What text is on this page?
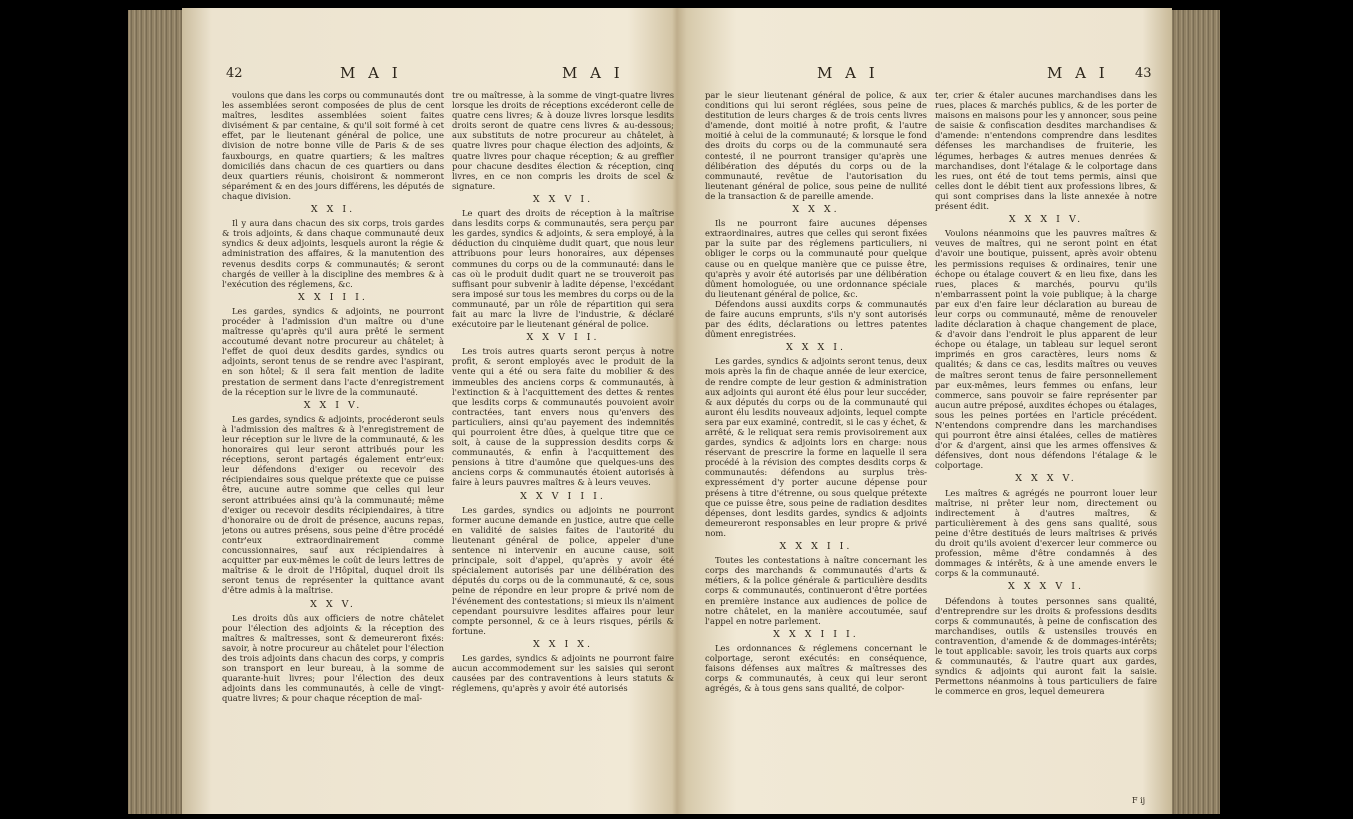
42	M A I	M A I

voulons que dans les corps ou communautés dont les assemblées seront composées de plus de cent maîtres, lesdites assemblées soient faites divisément & par centaine, & qu'il soit formé à cet effet, par le lieutenant général de police, une division de notre bonne ville de Paris & de ses fauxbourgs, en quatre quartiers; & les maîtres domiciliés dans chacun de ces quartiers ou dans deux quartiers réunis, choisiront & nommeront séparément & en des jours différens, les députés de chaque division.

X X I.

Il y aura dans chacun des six corps, trois gardes & trois adjoints, & dans chaque communauté deux syndics & deux adjoints, lesquels auront la régie & administration des affaires, & la manutention des revenus desdits corps & communautés; & seront chargés de veiller à la discipline des membres & à l'exécution des réglemens, &c.

X X I I I.

Les gardes, syndics & adjoints, ne pourront procéder à l'admission d'un maître ou d'une maîtresse qu'après qu'il aura prêté le serment accoutumé devant notre procureur au châtelet; à l'effet de quoi deux desdits gardes, syndics ou adjoints, seront tenus de se rendre avec l'aspirant, en son hôtel; & il sera fait mention de ladite prestation de serment dans l'acte d'enregistrement de la réception sur le livre de la communauté.

X X I V.

Les gardes, syndics & adjoints, procéderont seuls à l'admission des maîtres & à l'enregistrement de leur réception sur le livre de la communauté, & les honoraires qui leur seront attribués pour les réceptions, seront partagés également entr'eux: leur défendons d'exiger ou recevoir des récipiendaires sous quelque prétexte que ce puisse être, aucune autre somme que celles qui leur seront attribuées ainsi qu'à la communauté; même d'exiger ou recevoir desdits récipiendaires, à titre d'honoraire ou de droit de présence, aucuns repas, jetons ou autres présens, sous peine d'être procédé contr'eux extraordinairement comme concussionnaires, sauf aux récipiendaires à acquitter par eux-mêmes le coût de leurs lettres de maîtrise & le droit de l'Hôpital, duquel droit ils seront tenus de représenter la quittance avant d'être admis à la maîtrise.

X X V.

Les droits dûs aux officiers de notre châtelet pour l'élection des adjoints & la réception des maîtres & maîtresses, sont & demeureront fixés: savoir, à notre procureur au châtelet pour l'élection des trois adjoints dans chacun des corps, y compris son transport en leur bureau, à la somme de quarante-huit livres; pour l'élection des deux adjoints dans les communautés, à celle de vingt-quatre livres; & pour chaque réception de maî-

tre ou maîtresse, à la somme de vingt-quatre livres lorsque les droits de réceptions excéderont celle de quatre cens livres; & à douze livres lorsque lesdits droits seront de quatre cens livres & au-dessous; aux substituts de notre procureur au châtelet, à quatre livres pour chaque élection des adjoints, & quatre livres pour chaque réception; & au greffier pour chacune desdites élection & réception, cinq livres, en ce non compris les droits de scel & signature.

X X V I.

Le quart des droits de réception à la maîtrise dans lesdits corps & communautés, sera perçu par les gardes, syndics & adjoints, & sera employé, à la déduction du cinquième dudit quart, que nous leur attribuons pour leurs honoraires, aux dépenses communes du corps ou de la communauté: dans le cas où le produit dudit quart ne se trouveroit pas suffisant pour subvenir à ladite dépense, l'excédant sera imposé sur tous les membres du corps ou de la communauté, par un rôle de répartition qui sera fait au marc la livre de l'industrie, & déclaré exécutoire par le lieutenant général de police.

X X V I I.

Les trois autres quarts seront perçus à notre profit, & seront employés avec le produit de la vente qui a été ou sera faite du mobilier & des immeubles des anciens corps & communautés, à l'extinction & à l'acquittement des dettes & rentes que lesdits corps & communautés pouvoient avoir contractées, tant envers nous qu'envers des particuliers, ainsi qu'au payement des indemnités qui pourroient être dûes, à quelque titre que ce soit, à cause de la suppression desdits corps & communautés, & enfin à l'acquittement des pensions à titre d'aumône que quelques-uns des anciens corps & communautés étoient autorisés à faire à leurs pauvres maîtres & à leurs veuves.

X X V I I I.

Les gardes, syndics ou adjoints ne pourront former aucune demande en justice, autre que celle en validité de saisies faites de l'autorité du lieutenant général de police, appeler d'une sentence ni intervenir en aucune cause, soit principale, soit d'appel, qu'après y avoir été spécialement autorisés par une délibération des députés du corps ou de la communauté, & ce, sous peine de répondre en leur propre & privé nom de l'événement des contestations; si mieux ils n'aiment cependant poursuivre lesdites affaires pour leur compte personnel, & ce à leurs risques, périls & fortune.

X X I X.

Les gardes, syndics & adjoints ne pourront faire aucun accommodement sur les saisies qui seront causées par des contraventions à leurs statuts & réglemens, qu'après y avoir été autorisés

M A I	M A I 43

par le sieur lieutenant général de police, & aux conditions qui lui seront réglées, sous peine de destitution de leurs charges & de trois cents livres d'amende, dont moitié à notre profit, & l'autre moitié à celui de la communauté; & lorsque le fond des droits du corps ou de la communauté sera contesté, il ne pourront transiger qu'après une délibération des députés du corps ou de la communauté, revêtue de l'autorisation du lieutenant général de police, sous peine de nullité de la transaction & de pareille amende.

X X X.

Ils ne pourront faire aucunes dépenses extraordinaires, autres que celles qui seront fixées par la suite par des réglemens particuliers, ni obliger le corps ou la communauté pour quelque cause ou en quelque manière que ce puisse être, qu'après y avoir été autorisés par une délibération dûment homologuée, ou une ordonnance spéciale du lieutenant général de police, &c.

Défendons aussi auxdits corps & communautés de faire aucuns emprunts, s'ils n'y sont autorisés par des édits, déclarations ou lettres patentes dûment enregistrées.

X X X I.

Les gardes, syndics & adjoints seront tenus, deux mois après la fin de chaque année de leur exercice, de rendre compte de leur gestion & administration aux adjoints qui auront été élus pour leur succéder, & aux députés du corps ou de la communauté qui auront élu lesdits nouveaux adjoints, lequel compte sera par eux examiné, contredit, si le cas y échet, & arrêté, & le reliquat sera remis provisoirement aux gardes, syndics & adjoints lors en charge: nous réservant de prescrire la forme en laquelle il sera procédé à la révision des comptes desdits corps & communautés: défendons au surplus très-expressément d'y porter aucune dépense pour présens à titre d'étrenne, ou sous quelque prétexte que ce puisse être, sous peine de radiation desdites dépenses, dont lesdits gardes, syndics & adjoints demeureront responsables en leur propre & privé nom.

X X X I I.

Toutes les contestations à naître concernant les corps des marchands & communautés d'arts & métiers, & la police générale & particulière desdits corps & communautés, continueront d'être portées en première instance aux audiences de police de notre châtelet, en la manière accoutumée, sauf l'appel en notre parlement.

X X X I I I.

Les ordonnances & réglemens concernant le colportage, seront exécutés: en conséquence, faisons défenses aux maîtres & maîtresses des corps & communautés, à ceux qui leur seront agrégés, & à tous gens sans qualité, de colpor-

ter, crier & étaler aucunes marchandises dans les rues, places & marchés publics, & de les porter de maisons en maisons pour les y annoncer, sous peine de saisie & confiscation desdites marchandises & d'amende: n'entendons comprendre dans lesdites défenses les marchandises de fruiterie, les légumes, herbages & autres menues denrées & marchandises, dont l'étalage & le colportage dans les rues, ont été de tout tems permis, ainsi que celles dont le débit tient aux professions libres, & qui sont comprises dans la liste annexée à notre présent édit.

X X X I V.

Voulons néanmoins que les pauvres maîtres & veuves de maîtres, qui ne seront point en état d'avoir une boutique, puissent, après avoir obtenu les permissions requises & ordinaires, tenir une échope ou étalage couvert & en lieu fixe, dans les rues, places & marchés, pourvu qu'ils n'embarrassent point la voie publique; à la charge par eux d'en faire leur déclaration au bureau de leur corps ou communauté, même de renouveler ladite déclaration à chaque changement de place, & d'avoir dans l'endroit le plus apparent de leur échope ou étalage, un tableau sur lequel seront imprimés en gros caractères, leurs noms & qualités; & dans ce cas, lesdits maîtres ou veuves de maîtres seront tenus de faire personnellement par eux-mêmes, leurs femmes ou enfans, leur commerce, sans pouvoir se faire représenter par aucun autre préposé, auxdites échopes ou étalages, sous les peines portées en l'article précédent. N'entendons comprendre dans les marchandises qui pourront être ainsi étalées, celles de matières d'or & d'argent, ainsi que les armes offensives & défensives, dont nous défendons l'étalage & le colportage.

X X X V.

Les maîtres & agrégés ne pourront louer leur maîtrise, ni prêter leur nom, directement ou indirectement à d'autres maîtres, & particulièrement à des gens sans qualité, sous peine d'être destitués de leurs maîtrises & privés du droit qu'ils avoient d'exercer leur commerce ou profession, même d'être condamnés à des dommages & intérêts, & à une amende envers le corps & la communauté.

X X X V I.

Défendons à toutes personnes sans qualité, d'entreprendre sur les droits & professions desdits corps & communautés, à peine de confiscation des marchandises, outils & ustensiles trouvés en contravention, d'amende & de dommages-intérêts; le tout applicable: savoir, les trois quarts aux corps & communautés, & l'autre quart aux gardes, syndics & adjoints qui auront fait la saisie. Permettons néanmoins à tous particuliers de faire le commerce en gros, lequel demeurera

F ij
